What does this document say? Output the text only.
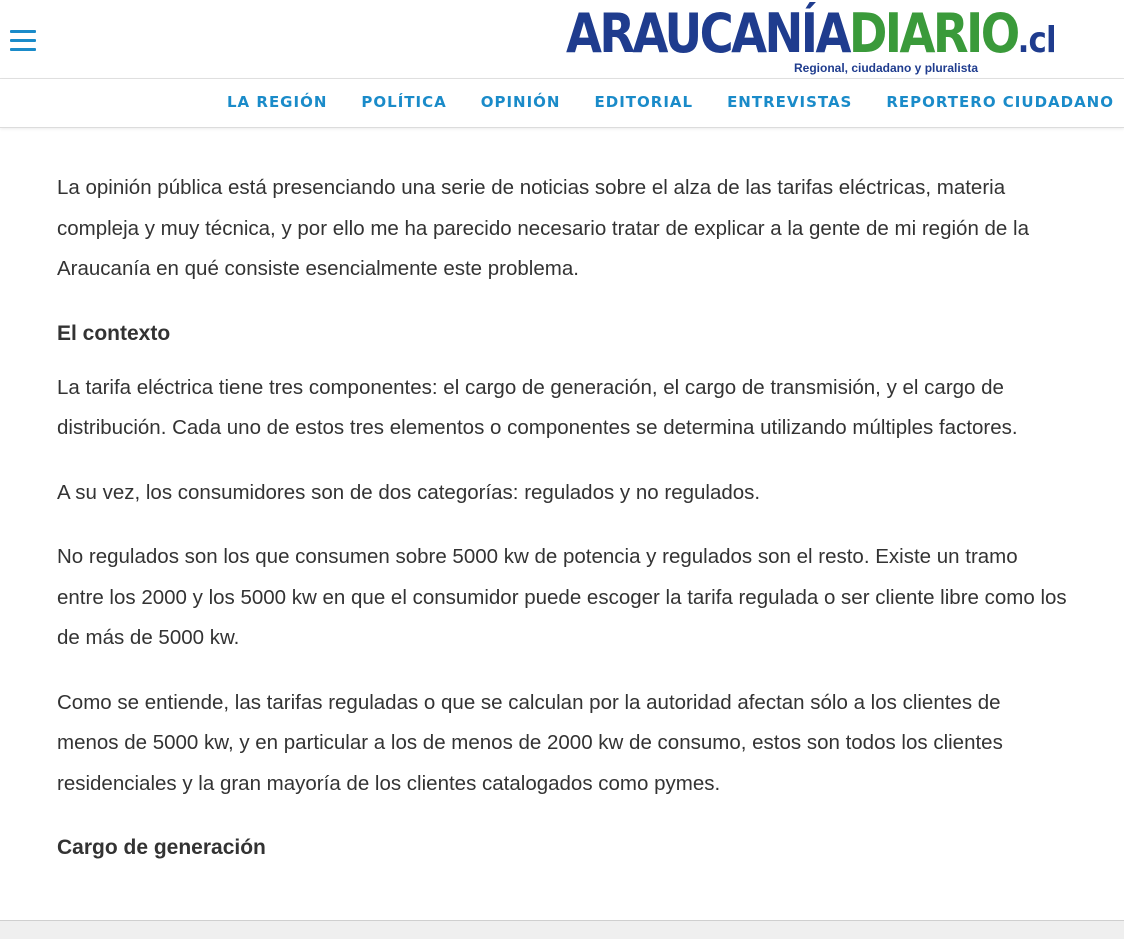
ARAUCANÍADIARIO.cl
Regional, ciudadano y pluralista
LA REGIÓN POLÍTICA OPINIÓN EDITORIAL ENTREVISTAS REPORTERO CIUDADANO

La opinión pública está presenciando una serie de noticias sobre el alza de las tarifas eléctricas, materia compleja y muy técnica, y por ello me ha parecido necesario tratar de explicar a la gente de mi región de la Araucanía en qué consiste esencialmente este problema.

El contexto

La tarifa eléctrica tiene tres componentes: el cargo de generación, el cargo de transmisión, y el cargo de distribución. Cada uno de estos tres elementos o componentes se determina utilizando múltiples factores.

A su vez, los consumidores son de dos categorías: regulados y no regulados.

No regulados son los que consumen sobre 5000 kw de potencia y regulados son el resto. Existe un tramo entre los 2000 y los 5000 kw en que el consumidor puede escoger la tarifa regulada o ser cliente libre como los de más de 5000 kw.

Como se entiende, las tarifas reguladas o que se calculan por la autoridad afectan sólo a los clientes de menos de 5000 kw, y en particular a los de menos de 2000 kw de consumo, estos son todos los clientes residenciales y la gran mayoría de los clientes catalogados como pymes.

Cargo de generación
